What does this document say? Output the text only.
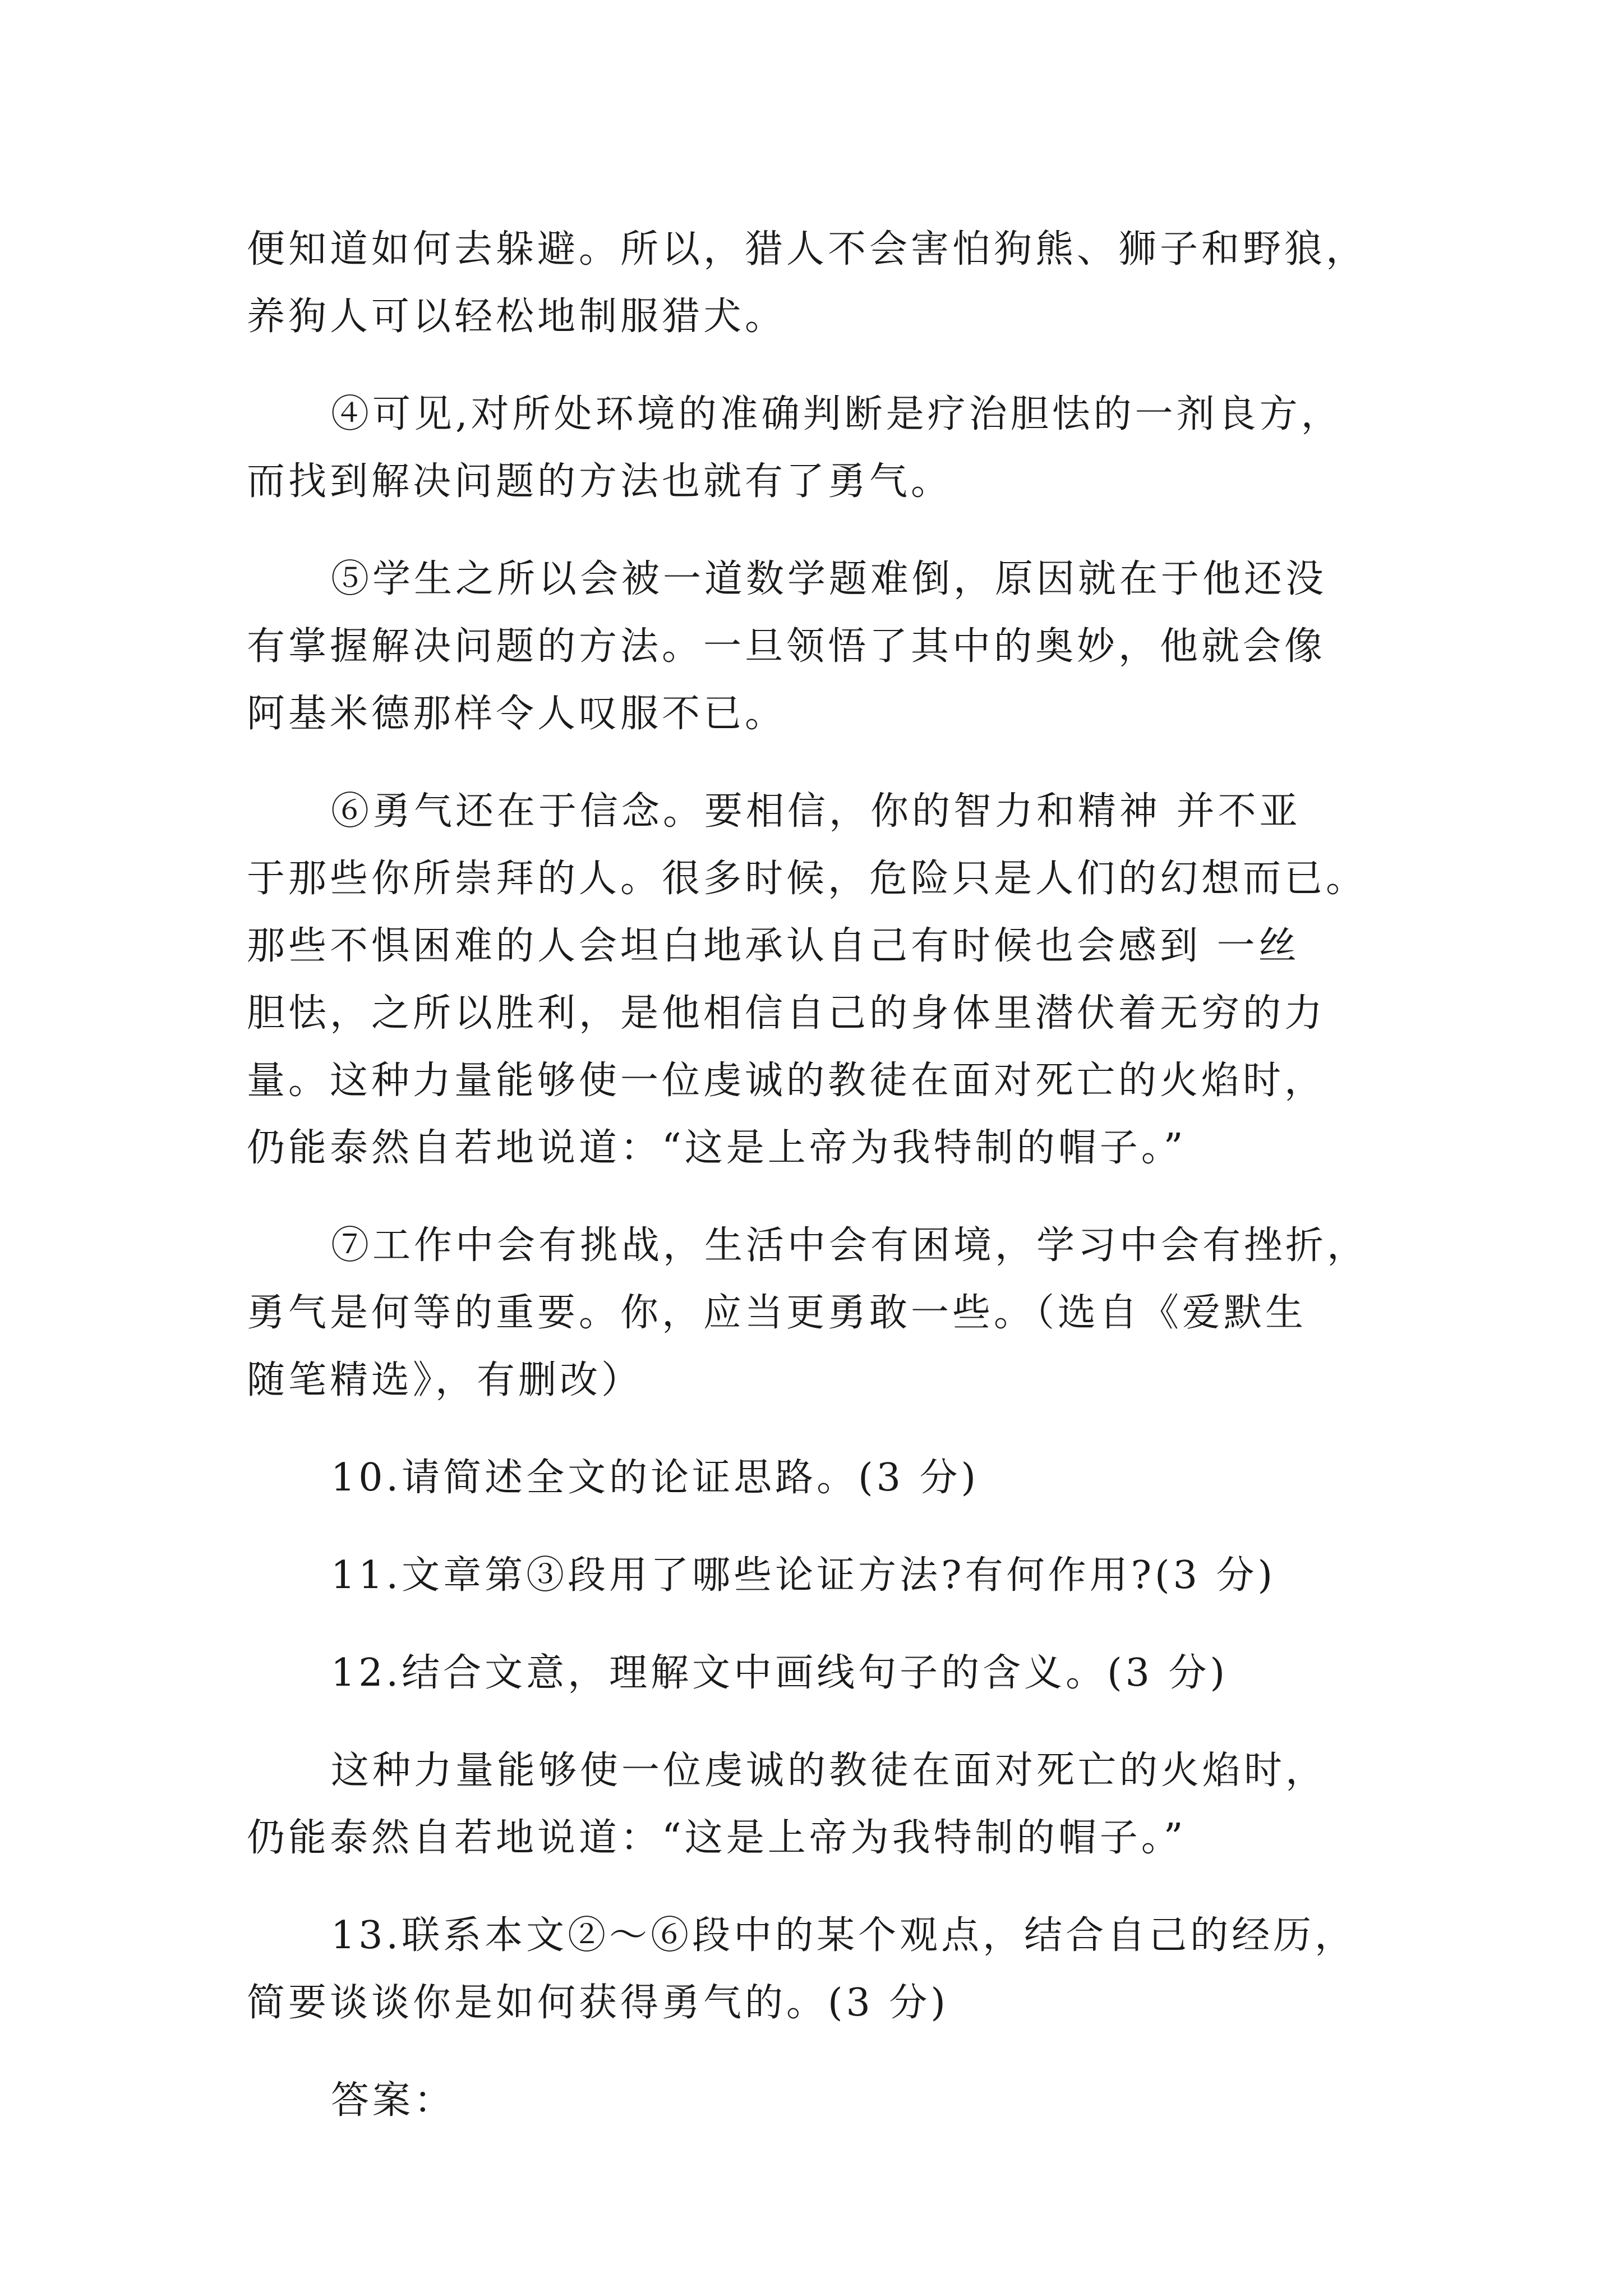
便知道如何去躲避。所以，猎人不会害怕狗熊、狮子和野狼，
养狗人可以轻松地制服猎犬。
④可见,对所处环境的准确判断是疗治胆怯的一剂良方，
而找到解决问题的方法也就有了勇气。
⑤学生之所以会被一道数学题难倒，原因就在于他还没
有掌握解决问题的方法。一旦领悟了其中的奥妙，他就会像
阿基米德那样令人叹服不已。
⑥勇气还在于信念。要相信，你的智力和精神 并不亚
于那些你所崇拜的人。很多时候，危险只是人们的幻想而已。
那些不惧困难的人会坦白地承认自己有时候也会感到 一丝
胆怯，之所以胜利，是他相信自己的身体里潜伏着无穷的力
量。这种力量能够使一位虔诚的教徒在面对死亡的火焰时，
仍能泰然自若地说道：“这是上帝为我特制的帽子。”
⑦工作中会有挑战，生活中会有困境，学习中会有挫折，
勇气是何等的重要。你，应当更勇敢一些。（选自《爱默生
随笔精选》，有删改）
10.请简述全文的论证思路。(3 分)
11.文章第③段用了哪些论证方法?有何作用?(3 分)
12.结合文意，理解文中画线句子的含义。(3 分)
这种力量能够使一位虔诚的教徒在面对死亡的火焰时，
仍能泰然自若地说道：“这是上帝为我特制的帽子。”
13.联系本文②～⑥段中的某个观点，结合自己的经历，
简要谈谈你是如何获得勇气的。(3 分)
答案：
